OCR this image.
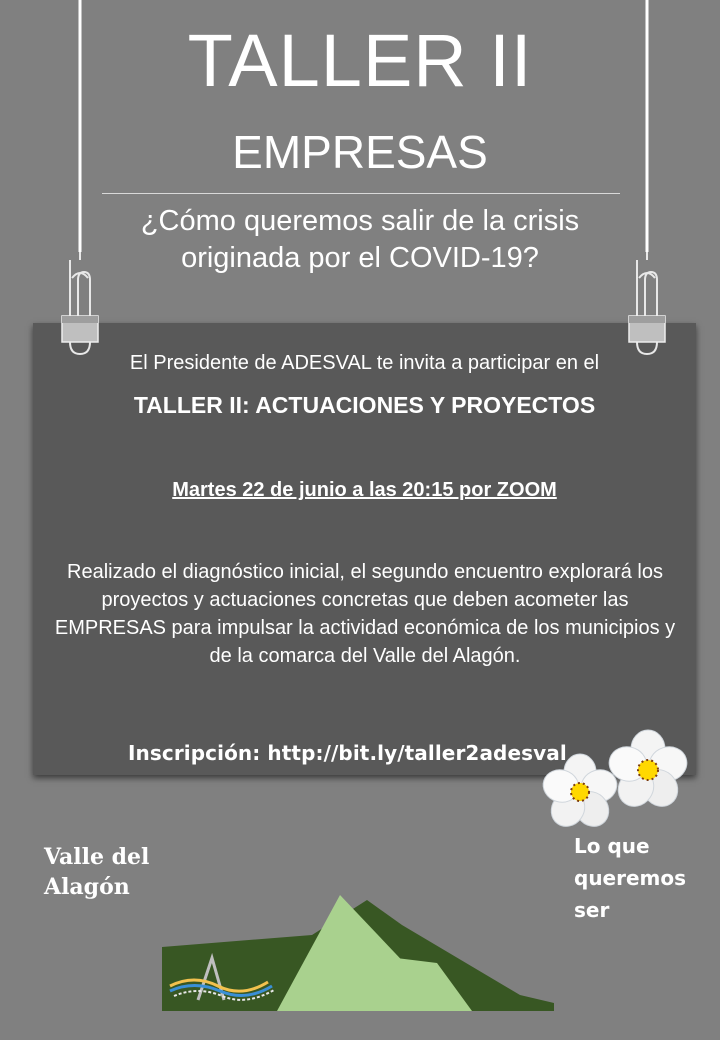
TALLER II
EMPRESAS
¿Cómo queremos salir de la crisis
originada por el COVID-19?
El Presidente de ADESVAL te invita a participar en el
TALLER II: ACTUACIONES Y PROYECTOS
Martes 22 de junio a las 20:15 por ZOOM
Realizado el diagnóstico inicial, el segundo encuentro explorará los proyectos y actuaciones concretas que deben acometer las EMPRESAS para impulsar la actividad económica de los municipios y de la comarca del Valle del Alagón.
Inscripción: http://bit.ly/taller2adesval
Valle del
Alagón
Lo que
queremos
ser
